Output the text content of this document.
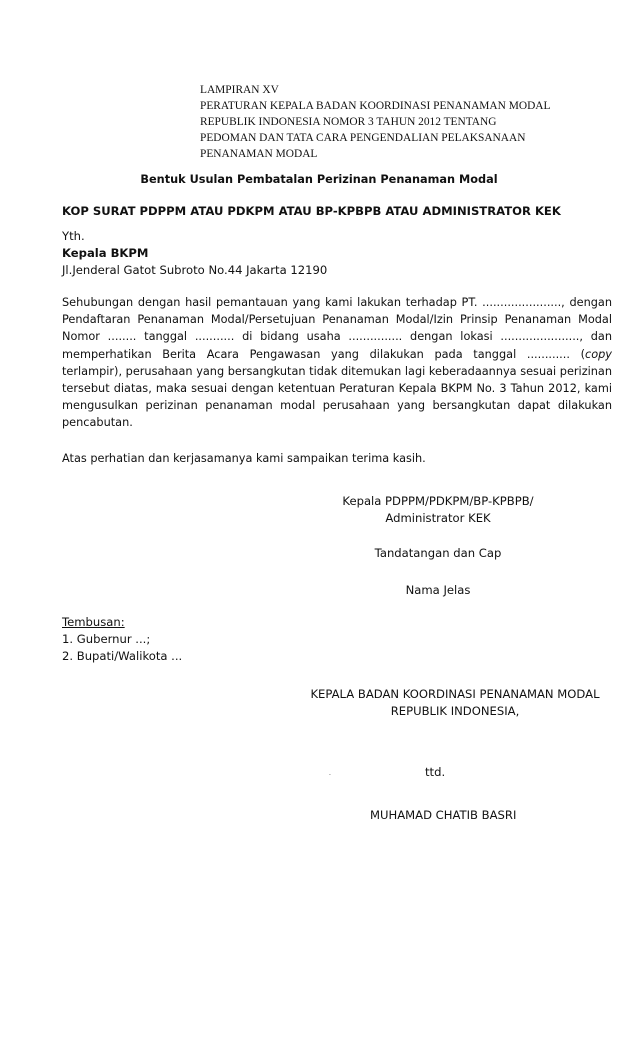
LAMPIRAN XV
PERATURAN KEPALA BADAN KOORDINASI PENANAMAN MODAL
REPUBLIK INDONESIA NOMOR 3 TAHUN 2012 TENTANG
PEDOMAN DAN TATA CARA PENGENDALIAN PELAKSANAAN
PENANAMAN MODAL
Bentuk Usulan Pembatalan Perizinan Penanaman Modal
KOP SURAT PDPPM ATAU PDKPM ATAU BP-KPBPB ATAU ADMINISTRATOR KEK
Yth.
Kepala BKPM
Jl.Jenderal Gatot Subroto No.44 Jakarta 12190
Sehubungan dengan hasil pemantauan yang kami lakukan terhadap PT. ......................, dengan Pendaftaran Penanaman Modal/Persetujuan Penanaman Modal/Izin Prinsip Penanaman Modal Nomor ........ tanggal ........... di bidang usaha ............... dengan lokasi ......................, dan memperhatikan Berita Acara Pengawasan yang dilakukan pada tanggal ............ (copy terlampir), perusahaan yang bersangkutan tidak ditemukan lagi keberadaannya sesuai perizinan tersebut diatas, maka sesuai dengan ketentuan Peraturan Kepala BKPM No. 3 Tahun 2012, kami mengusulkan perizinan penanaman modal perusahaan yang bersangkutan dapat dilakukan pencabutan.
Atas perhatian dan kerjasamanya kami sampaikan terima kasih.
Kepala PDPPM/PDKPM/BP-KPBPB/
Administrator KEK
Tandatangan dan Cap
Nama Jelas
Tembusan:
1. Gubernur ...;
2. Bupati/Walikota ...
KEPALA BADAN KOORDINASI PENANAMAN MODAL
REPUBLIK INDONESIA,
.	ttd.
MUHAMAD CHATIB BASRI
